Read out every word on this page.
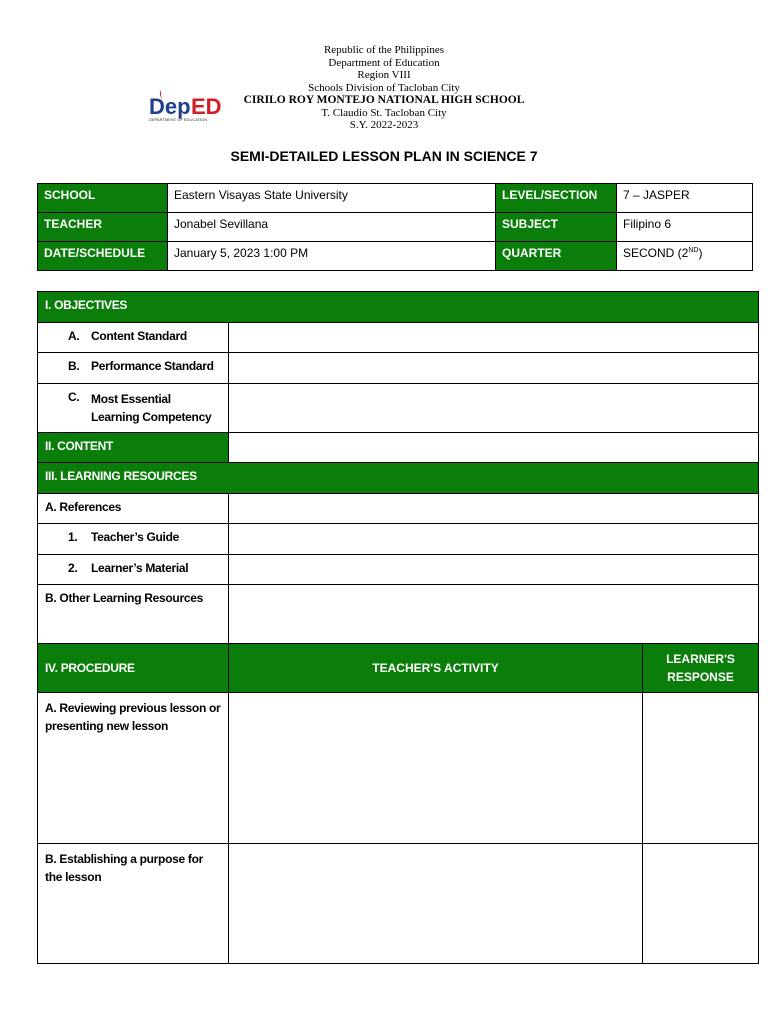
Republic of the Philippines
Department of Education
Region VIII
Schools Division of Tacloban City
CIRILO ROY MONTEJO NATIONAL HIGH SCHOOL
T. Claudio St. Tacloban City
S.Y. 2022-2023
Dep ED
DEPARTMENT OF EDUCATION
SEMI-DETAILED LESSON PLAN IN SCIENCE 7
SCHOOL	Eastern Visayas State University	LEVEL/SECTION	7 – JASPER
TEACHER	Jonabel Sevillana	SUBJECT	Filipino 6
DATE/SCHEDULE	January 5, 2023 1:00 PM	QUARTER	SECOND (2ND)
I. OBJECTIVES		
A. Content Standard		
B. Performance Standard		

C. Most Essential Learning Competency		

II. CONTENT		
III. LEARNING RESOURCES		
A. References		
1. Teacher’s Guide		
2. Learner’s Material		
B. Other Learning Resources		
IV. PROCEDURE	TEACHER'S ACTIVITY	LEARNER'S RESPONSE
A. Reviewing previous lesson or presenting new lesson		
B. Establishing a purpose for the lesson		
